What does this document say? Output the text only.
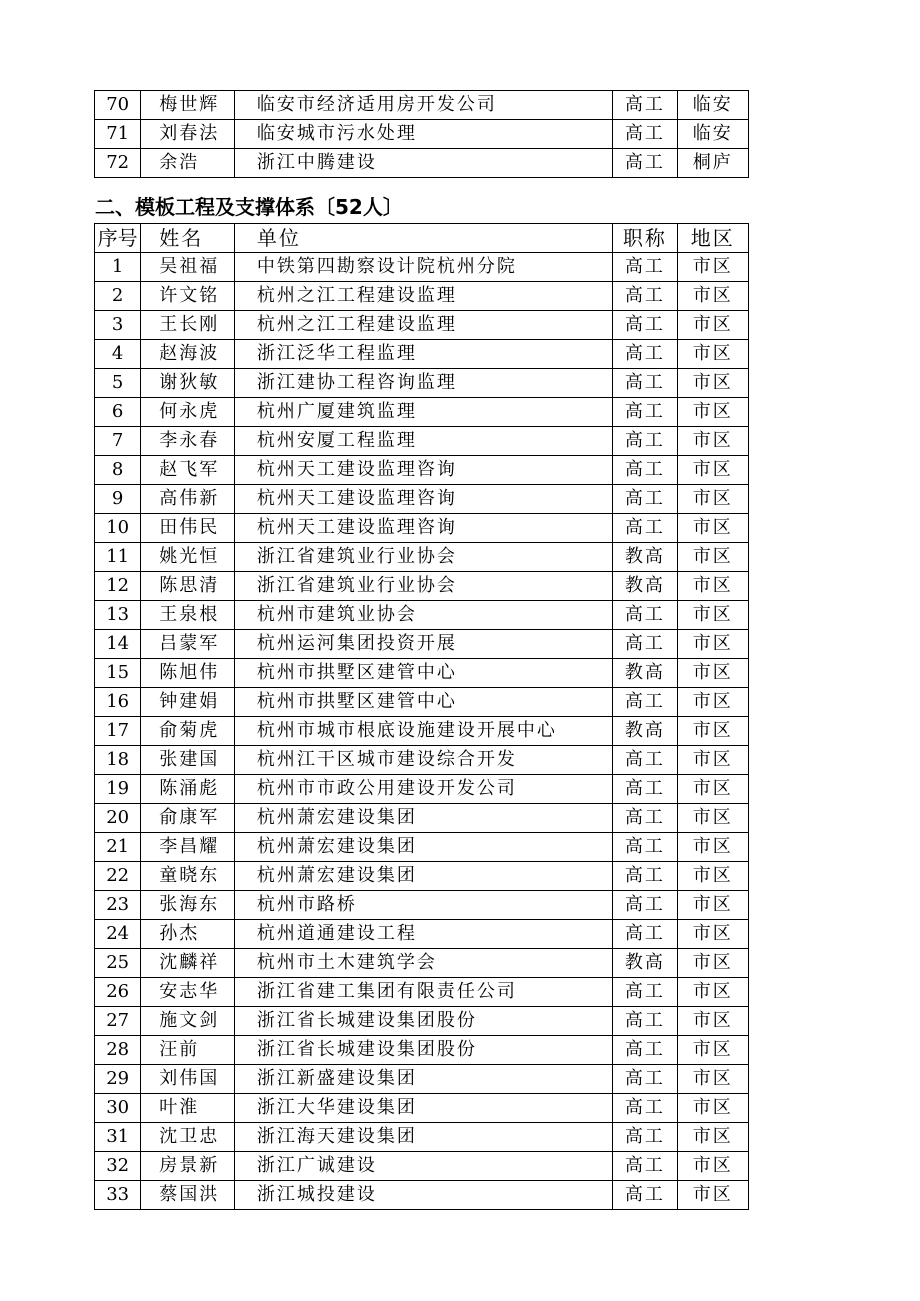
70	梅世辉	临安市经济适用房开发公司	高工	临安
71	刘春法	临安城市污水处理	高工	临安
72	余浩	浙江中腾建设	高工	桐庐
二、模板工程及支撑体系〔52人〕
序号	姓名	单位	职称	地区
1	吴祖福	中铁第四勘察设计院杭州分院	高工	市区
2	许文铭	杭州之江工程建设监理	高工	市区
3	王长刚	杭州之江工程建设监理	高工	市区
4	赵海波	浙江泛华工程监理	高工	市区
5	谢狄敏	浙江建协工程咨询监理	高工	市区
6	何永虎	杭州广厦建筑监理	高工	市区
7	李永春	杭州安厦工程监理	高工	市区
8	赵飞军	杭州天工建设监理咨询	高工	市区
9	高伟新	杭州天工建设监理咨询	高工	市区
10	田伟民	杭州天工建设监理咨询	高工	市区
11	姚光恒	浙江省建筑业行业协会	教高	市区
12	陈思清	浙江省建筑业行业协会	教高	市区
13	王泉根	杭州市建筑业协会	高工	市区
14	吕蒙军	杭州运河集团投资开展	高工	市区
15	陈旭伟	杭州市拱墅区建管中心	教高	市区
16	钟建娟	杭州市拱墅区建管中心	高工	市区
17	俞菊虎	杭州市城市根底设施建设开展中心	教高	市区
18	张建国	杭州江干区城市建设综合开发	高工	市区
19	陈涌彪	杭州市市政公用建设开发公司	高工	市区
20	俞康军	杭州萧宏建设集团	高工	市区
21	李昌耀	杭州萧宏建设集团	高工	市区
22	童晓东	杭州萧宏建设集团	高工	市区
23	张海东	杭州市路桥	高工	市区
24	孙杰	杭州道通建设工程	高工	市区
25	沈麟祥	杭州市土木建筑学会	教高	市区
26	安志华	浙江省建工集团有限责任公司	高工	市区
27	施文剑	浙江省长城建设集团股份	高工	市区
28	汪前	浙江省长城建设集团股份	高工	市区
29	刘伟国	浙江新盛建设集团	高工	市区
30	叶淮	浙江大华建设集团	高工	市区
31	沈卫忠	浙江海天建设集团	高工	市区
32	房景新	浙江广诚建设	高工	市区
33	蔡国洪	浙江城投建设	高工	市区
